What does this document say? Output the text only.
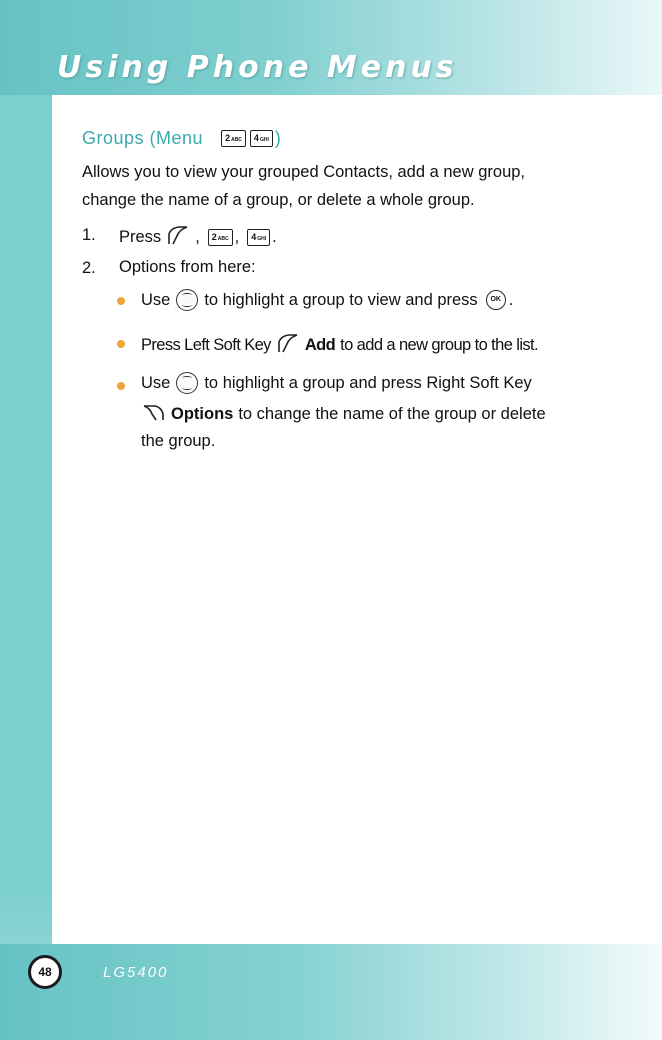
Using Phone Menus
Groups (Menu	2ABC	4GHI )
Allows you to view your grouped Contacts, add a new group,
change the name of a group, or delete a whole group.
1. Press ,	2ABC ,	4GHI .
2. Options from here:
Use to highlight a group to view and press	OK .
Press Left Soft Key Add to add a new group to the list.
Use to highlight a group and press Right Soft Key
Options to change the name of the group or delete
the group.
48	LG5400
